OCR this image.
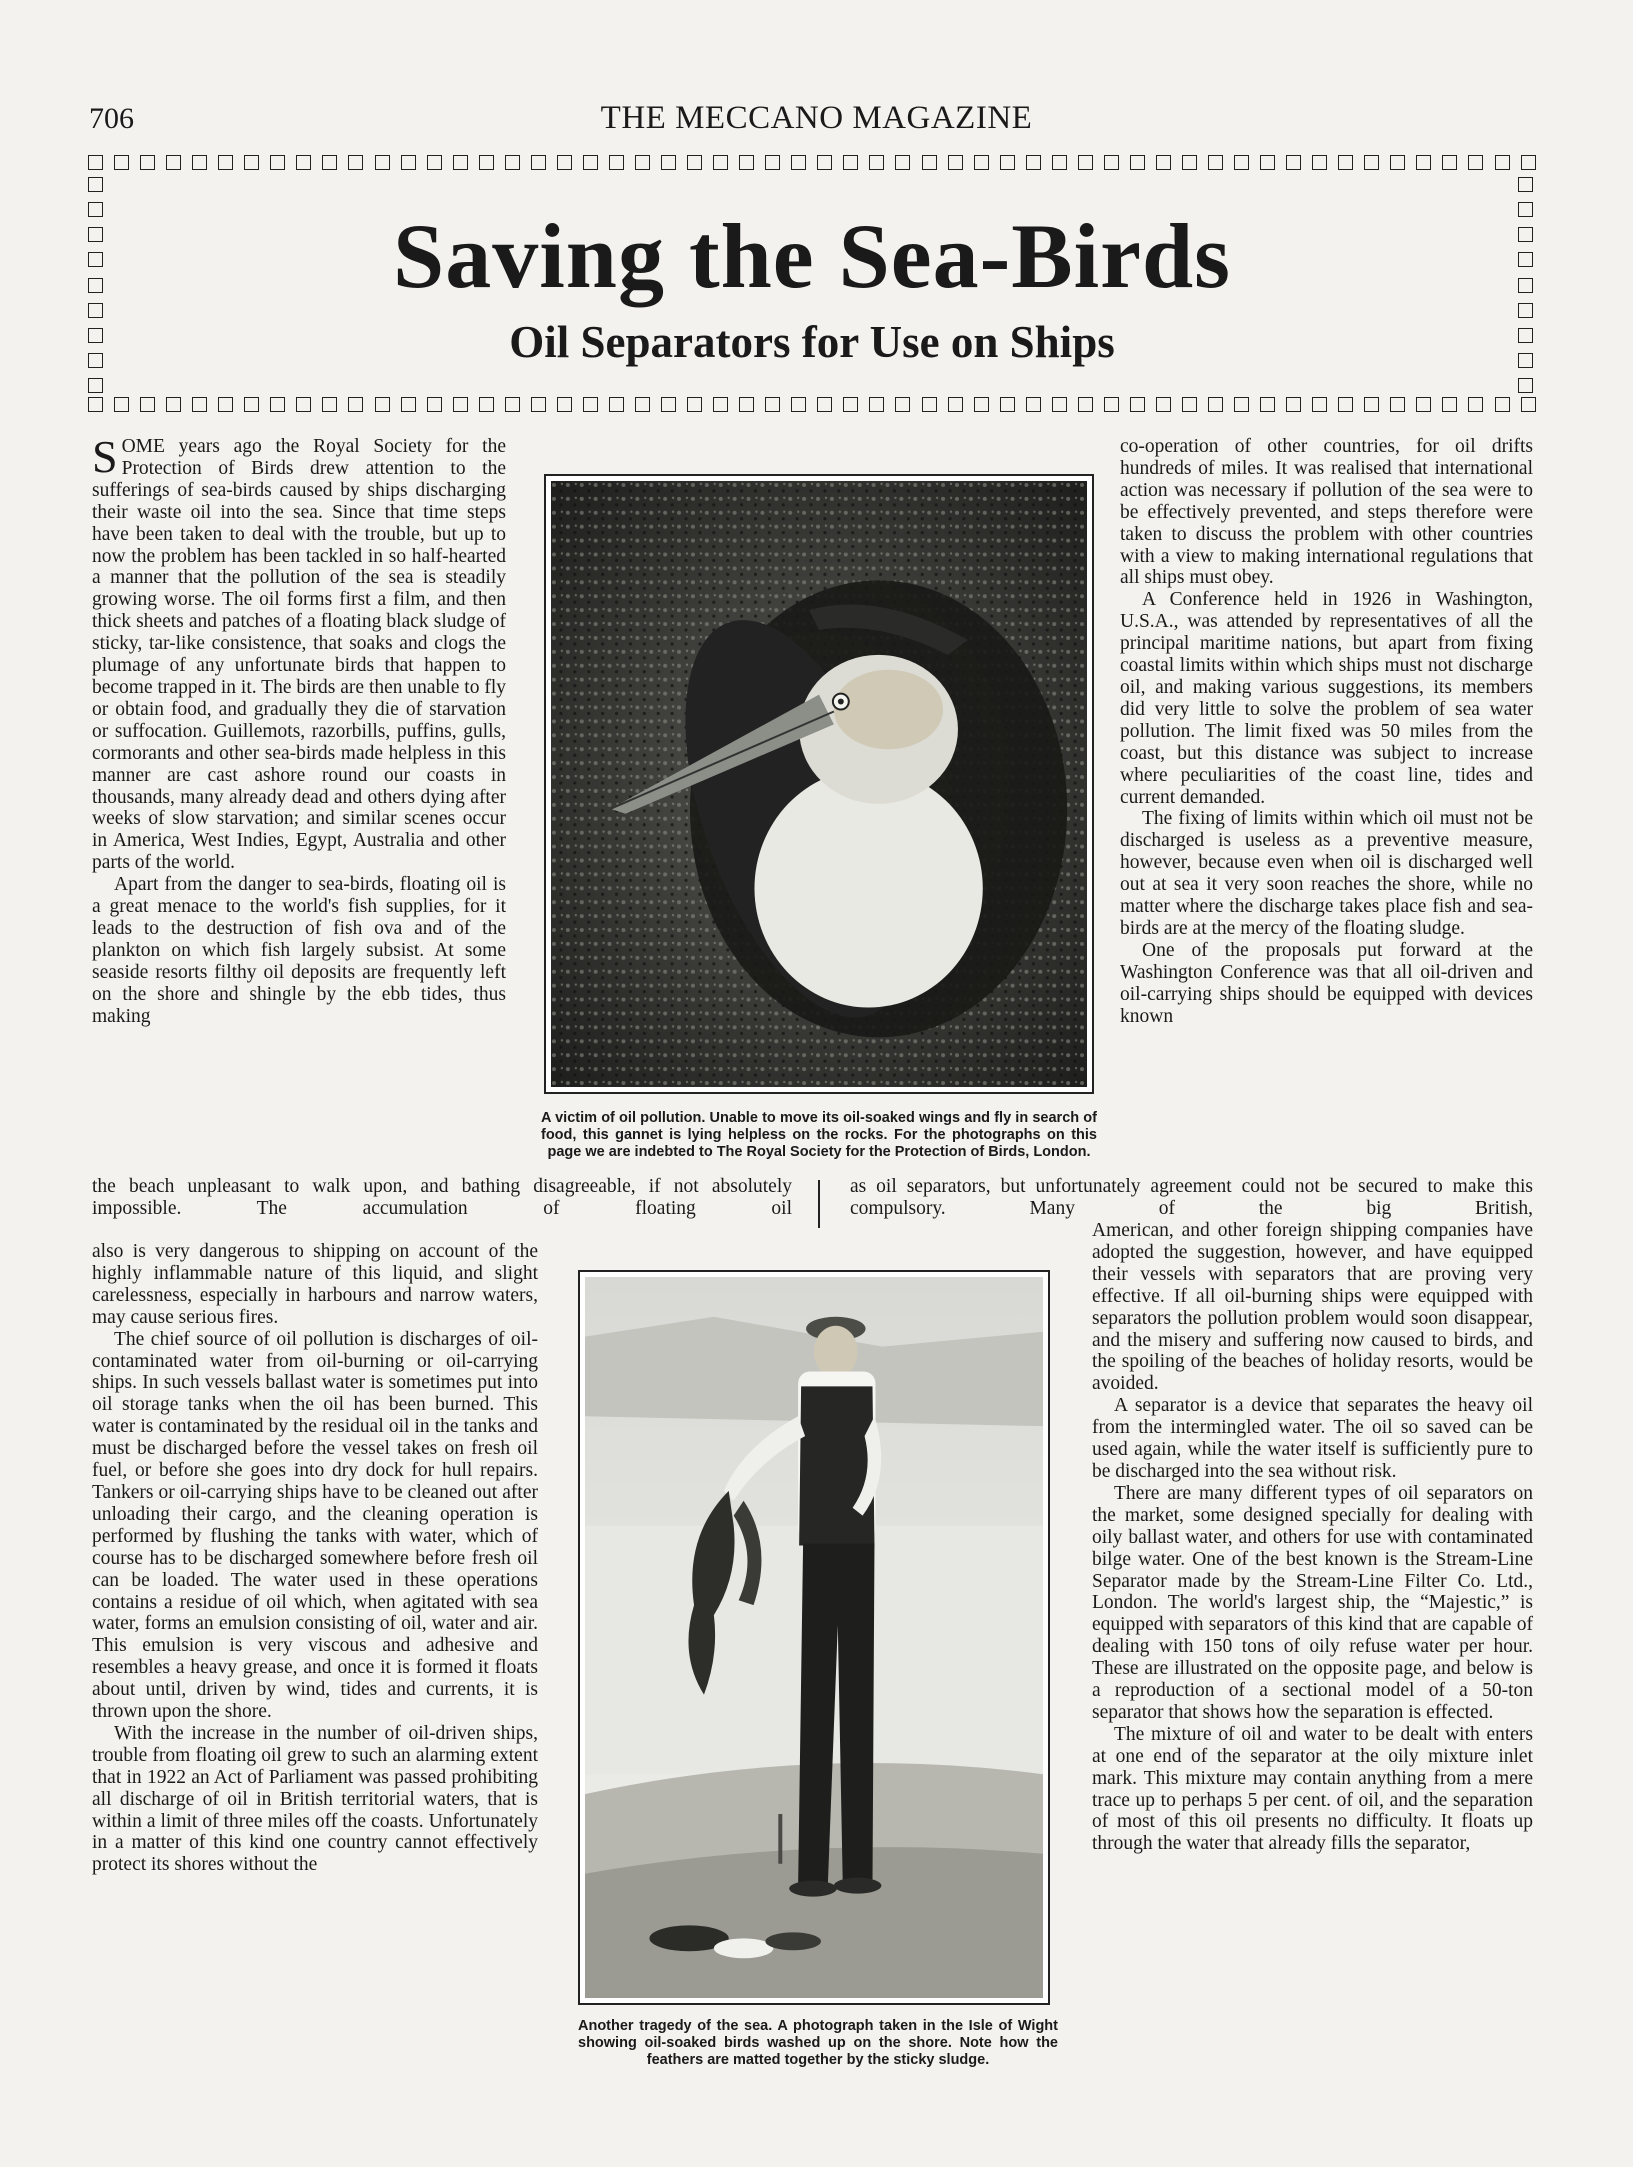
706	THE MECCANO MAGAZINE
Saving the Sea-Birds
Oil Separators for Use on Ships

SOME years ago the Royal Society for the Protection of Birds drew attention to the sufferings of sea-birds caused by ships discharging their waste oil into the sea. Since that time steps have been taken to deal with the trouble, but up to now the problem has been tackled in so half-hearted a manner that the pollution of the sea is steadily growing worse. The oil forms first a film, and then thick sheets and patches of a floating black sludge of sticky, tar-like consistence, that soaks and clogs the plumage of any unfortunate birds that happen to become trapped in it. The birds are then unable to fly or obtain food, and gradually they die of starvation or suffocation. Guillemots, razorbills, puffins, gulls, cormorants and other sea-birds made helpless in this manner are cast ashore round our coasts in thousands, many already dead and others dying after weeks of slow starvation; and similar scenes occur in America, West Indies, Egypt, Australia and other parts of the world.

Apart from the danger to sea-birds, floating oil is a great menace to the world's fish supplies, for it leads to the destruction of fish ova and of the plankton on which fish largely subsist. At some seaside resorts filthy oil deposits are frequently left on the shore and shingle by the ebb tides, thus making

A victim of oil pollution. Unable to move its oil-soaked wings and fly in search of food, this gannet is lying helpless on the rocks. For the photographs on this page we are indebted to The Royal Society for the Protection of Birds, London.
the beach unpleasant to walk upon, and bathing disagreeable, if not absolutely impossible. The accumulation of floating oil
as oil separators, but unfortunately agreement could not be secured to make this compulsory. Many of the big British,

also is very dangerous to shipping on account of the highly inflammable nature of this liquid, and slight carelessness, especially in harbours and narrow waters, may cause serious fires.

The chief source of oil pollution is discharges of oil-contaminated water from oil-burning or oil-carrying ships. In such vessels ballast water is sometimes put into oil storage tanks when the oil has been burned. This water is contaminated by the residual oil in the tanks and must be discharged before the vessel takes on fresh oil fuel, or before she goes into dry dock for hull repairs. Tankers or oil-carrying ships have to be cleaned out after unloading their cargo, and the cleaning operation is performed by flushing the tanks with water, which of course has to be discharged somewhere before fresh oil can be loaded. The water used in these operations contains a residue of oil which, when agitated with sea water, forms an emulsion consisting of oil, water and air. This emulsion is very viscous and adhesive and resembles a heavy grease, and once it is formed it floats about until, driven by wind, tides and currents, it is thrown upon the shore.

With the increase in the number of oil-driven ships, trouble from floating oil grew to such an alarming extent that in 1922 an Act of Parliament was passed prohibiting all discharge of oil in British territorial waters, that is within a limit of three miles off the coasts. Unfortunately in a matter of this kind one country cannot effectively protect its shores without the

Another tragedy of the sea. A photograph taken in the Isle of Wight showing oil-soaked birds washed up on the shore. Note how the feathers are matted together by the sticky sludge.

co-operation of other countries, for oil drifts hundreds of miles. It was realised that international action was necessary if pollution of the sea were to be effectively prevented, and steps therefore were taken to discuss the problem with other countries with a view to making international regulations that all ships must obey.

A Conference held in 1926 in Washington, U.S.A., was attended by representatives of all the principal maritime nations, but apart from fixing coastal limits within which ships must not discharge oil, and making various suggestions, its members did very little to solve the problem of sea water pollution. The limit fixed was 50 miles from the coast, but this distance was subject to increase where peculiarities of the coast line, tides and current demanded.

The fixing of limits within which oil must not be discharged is useless as a preventive measure, however, because even when oil is discharged well out at sea it very soon reaches the shore, while no matter where the discharge takes place fish and sea-birds are at the mercy of the floating sludge.

One of the proposals put forward at the Washington Conference was that all oil-driven and oil-carrying ships should be equipped with devices known

American, and other foreign shipping companies have adopted the suggestion, however, and have equipped their vessels with separators that are proving very effective. If all oil-burning ships were equipped with separators the pollution problem would soon disappear, and the misery and suffering now caused to birds, and the spoiling of the beaches of holiday resorts, would be avoided.

A separator is a device that separates the heavy oil from the intermingled water. The oil so saved can be used again, while the water itself is sufficiently pure to be discharged into the sea without risk.

There are many different types of oil separators on the market, some designed specially for dealing with oily ballast water, and others for use with contaminated bilge water. One of the best known is the Stream-Line Separator made by the Stream-Line Filter Co. Ltd., London. The world's largest ship, the “Majestic,” is equipped with separators of this kind that are capable of dealing with 150 tons of oily refuse water per hour. These are illustrated on the opposite page, and below is a reproduction of a sectional model of a 50-ton separator that shows how the separation is effected.

The mixture of oil and water to be dealt with enters at one end of the separator at the oily mixture inlet mark. This mixture may contain anything from a mere trace up to perhaps 5 per cent. of oil, and the separation of most of this oil presents no difficulty. It floats up through the water that already fills the separator,
